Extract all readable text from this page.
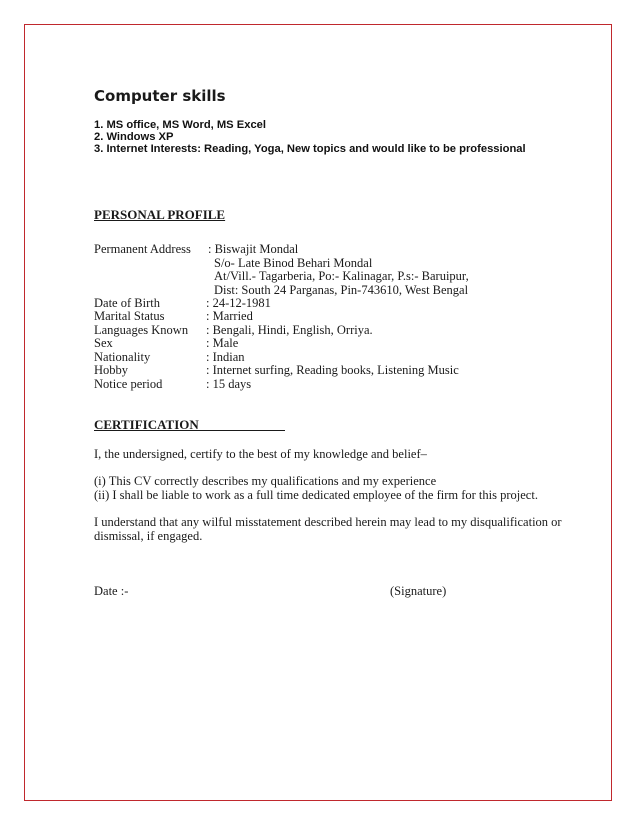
Computer skills
1. MS office, MS Word, MS Excel
2. Windows XP
3. Internet Interests: Reading, Yoga, New topics and would like to be professional
PERSONAL PROFILE
Permanent Address : Biswajit Mondal
S/o- Late Binod Behari Mondal
At/Vill.- Tagarberia, Po:- Kalinagar, P.s:- Baruipur,
Dist: South 24 Parganas, Pin-743610, West Bengal
Date of Birth	: 24-12-1981
Marital Status	: Married
Languages Known : Bengali, Hindi, English, Orriya.
Sex	: Male
Nationality	: Indian
Hobby	: Internet surfing, Reading books, Listening Music
Notice period	: 15 days
CERTIFICATION
I, the undersigned, certify to the best of my knowledge and belief–
(i) This CV correctly describes my qualifications and my experience
(ii) I shall be liable to work as a full time dedicated employee of the firm for this project.
I understand that any wilful misstatement described herein may lead to my disqualification or
dismissal, if engaged.
Date :-	(Signature)
